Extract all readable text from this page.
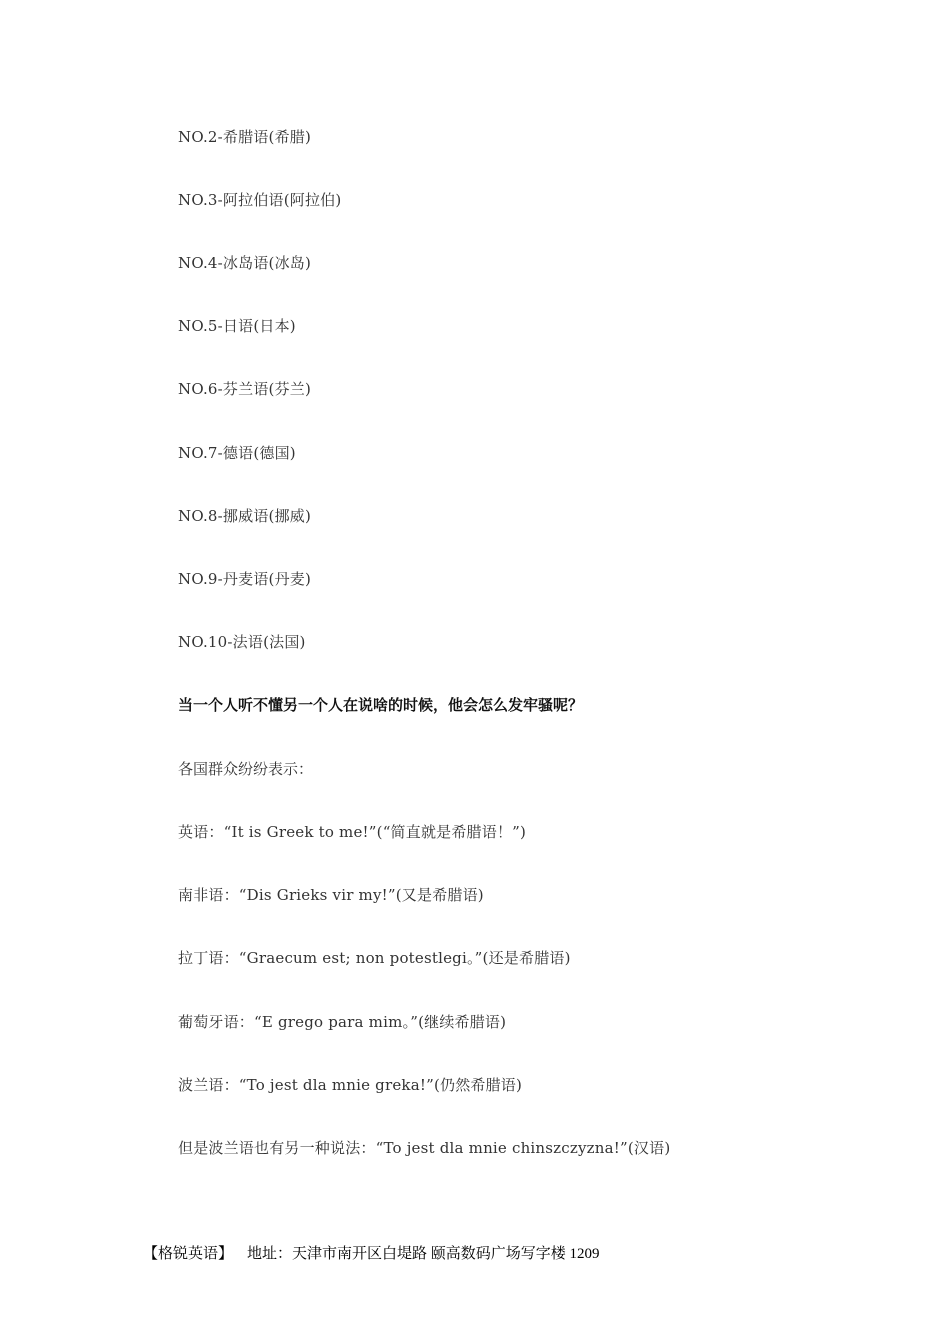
NO.2-希腊语(希腊)
NO.3-阿拉伯语(阿拉伯)
NO.4-冰岛语(冰岛)
NO.5-日语(日本)
NO.6-芬兰语(芬兰)
NO.7-德语(德国)
NO.8-挪威语(挪威)
NO.9-丹麦语(丹麦)
NO.10-法语(法国)
当一个人听不懂另一个人在说啥的时候，他会怎么发牢骚呢？
各国群众纷纷表示：
英语：“It is Greek to me!”(“简直就是希腊语！”)
南非语：“Dis Grieks vir my!”(又是希腊语)
拉丁语：“Graecum est; non potestlegi。”(还是希腊语)
葡萄牙语：“E grego para mim。”(继续希腊语)
波兰语：“To jest dla mnie greka!”(仍然希腊语)
但是波兰语也有另一种说法：“To jest dla mnie chinszczyzna!”(汉语)
【格锐英语】 地址：天津市南开区白堤路 颐高数码广场写字楼 1209
